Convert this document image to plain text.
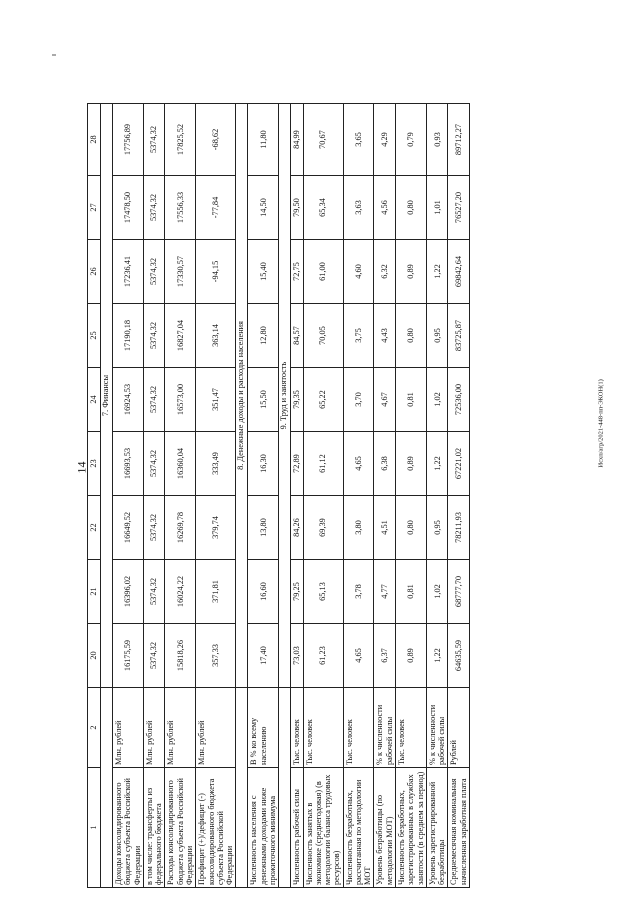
14	Исхп/агр/2021-448-пп-ЭКОН(1)
1	2	20	21	22	23	24	25	26	27	28
		7. Финансы								
Доходы консолидированного бюджета субъекта Российской Федерации	Млн. рублей	16175,59	16396,02	16649,52	16693,53	16924,53	17190,18	17236,41	17478,50	17756,89
в том числе: трансферты из федерального бюджета	Млн. рублей	5374,32	5374,32	5374,32	5374,32	5374,32	5374,32	5374,32	5374,32	5374,32
Расходы консолидированного бюджета субъекта Российской Федерации	Млн. рублей	15818,26	16024,22	16269,78	16360,04	16573,00	16827,04	17330,57	17556,33	17825,52
Профицит (+)/дефицит (-) консолидированного бюджета субъекта Российской Федерации	Млн. рублей	357,33	371,81	379,74	333,49	351,47	363,14	-94,15	-77,84	-68,62
		8. Денежные доходы и расходы населения								
Численность населения с денежными доходами ниже прожиточного минимума	В % ко всему населению	17,40	16,60	13,80	16,30	15,50	12,80	15,40	14,50	11,80
		9. Труд и занятость								
Численность рабочей силы	Тыс. человек	73,03	79,25	84,26	72,89	79,35	84,57	72,75	79,50	84,99
Численность занятых в экономике (среднегодовая) (в методологии баланса трудовых ресурсов)	Тыс. человек	61,23	65,13	69,39	61,12	65,22	70,05	61,00	65,34	70,67
Численность безработных, рассчитанная по методологии МОТ	Тыс. человек	4,65	3,78	3,80	4,65	3,70	3,75	4,60	3,63	3,65
Уровень безработицы (по методологии МОТ)	% к численности рабочей силы	6,37	4,77	4,51	6,38	4,67	4,43	6,32	4,56	4,29
Численность безработных, зарегистрированных в службах занятости (в среднем за период)	Тыс. человек	0,89	0,81	0,80	0,89	0,81	0,80	0,89	0,80	0,79
Уровень зарегистрированной безработицы	% к численности рабочей силы	1,22	1,02	0,95	1,22	1,02	0,95	1,22	1,01	0,93
Среднемесячная номинальная начисленная заработная плата	Рублей	64635,59	68777,70	78211,93	67221,02	72536,00	83725,87	69842,64	76527,20	89712,27
